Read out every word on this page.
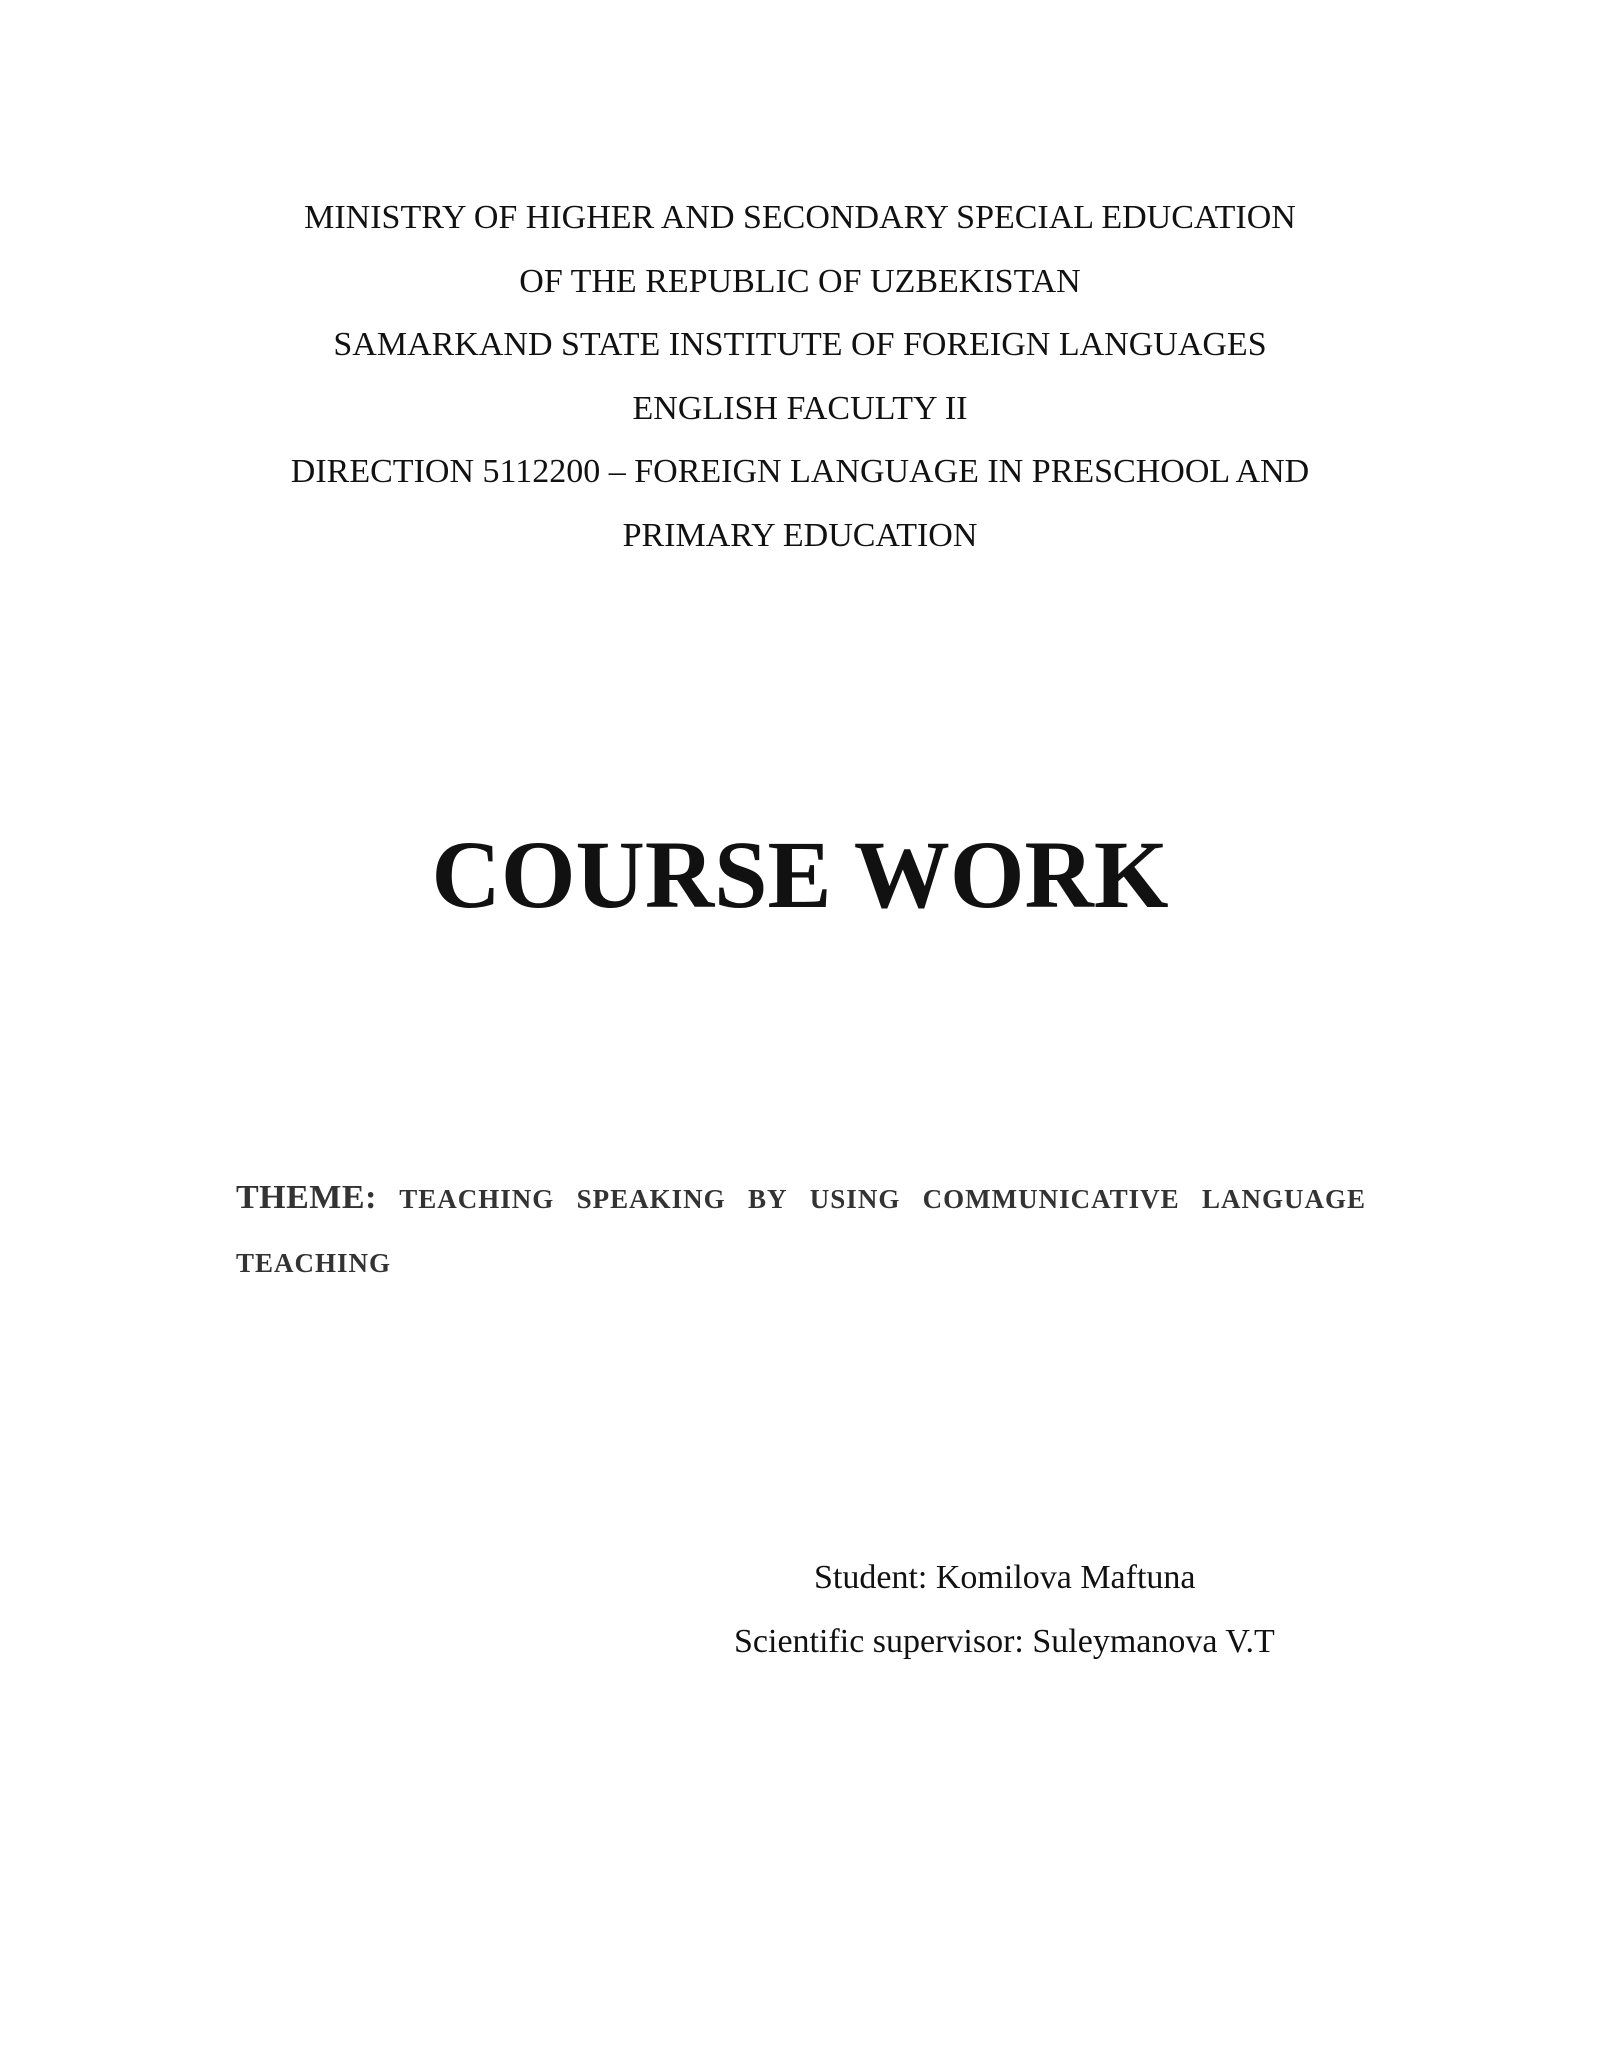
MINISTRY OF HIGHER AND SECONDARY SPECIAL EDUCATION
OF THE REPUBLIC OF UZBEKISTAN
SAMARKAND STATE INSTITUTE OF FOREIGN LANGUAGES
ENGLISH FACULTY II
DIRECTION 5112200 – FOREIGN LANGUAGE IN PRESCHOOL AND
PRIMARY EDUCATION
COURSE WORK
THEME: TEACHING SPEAKING BY USING COMMUNICATIVE LANGUAGE
TEACHING
Student: Komilova Maftuna
Scientific supervisor: Suleymanova V.T
